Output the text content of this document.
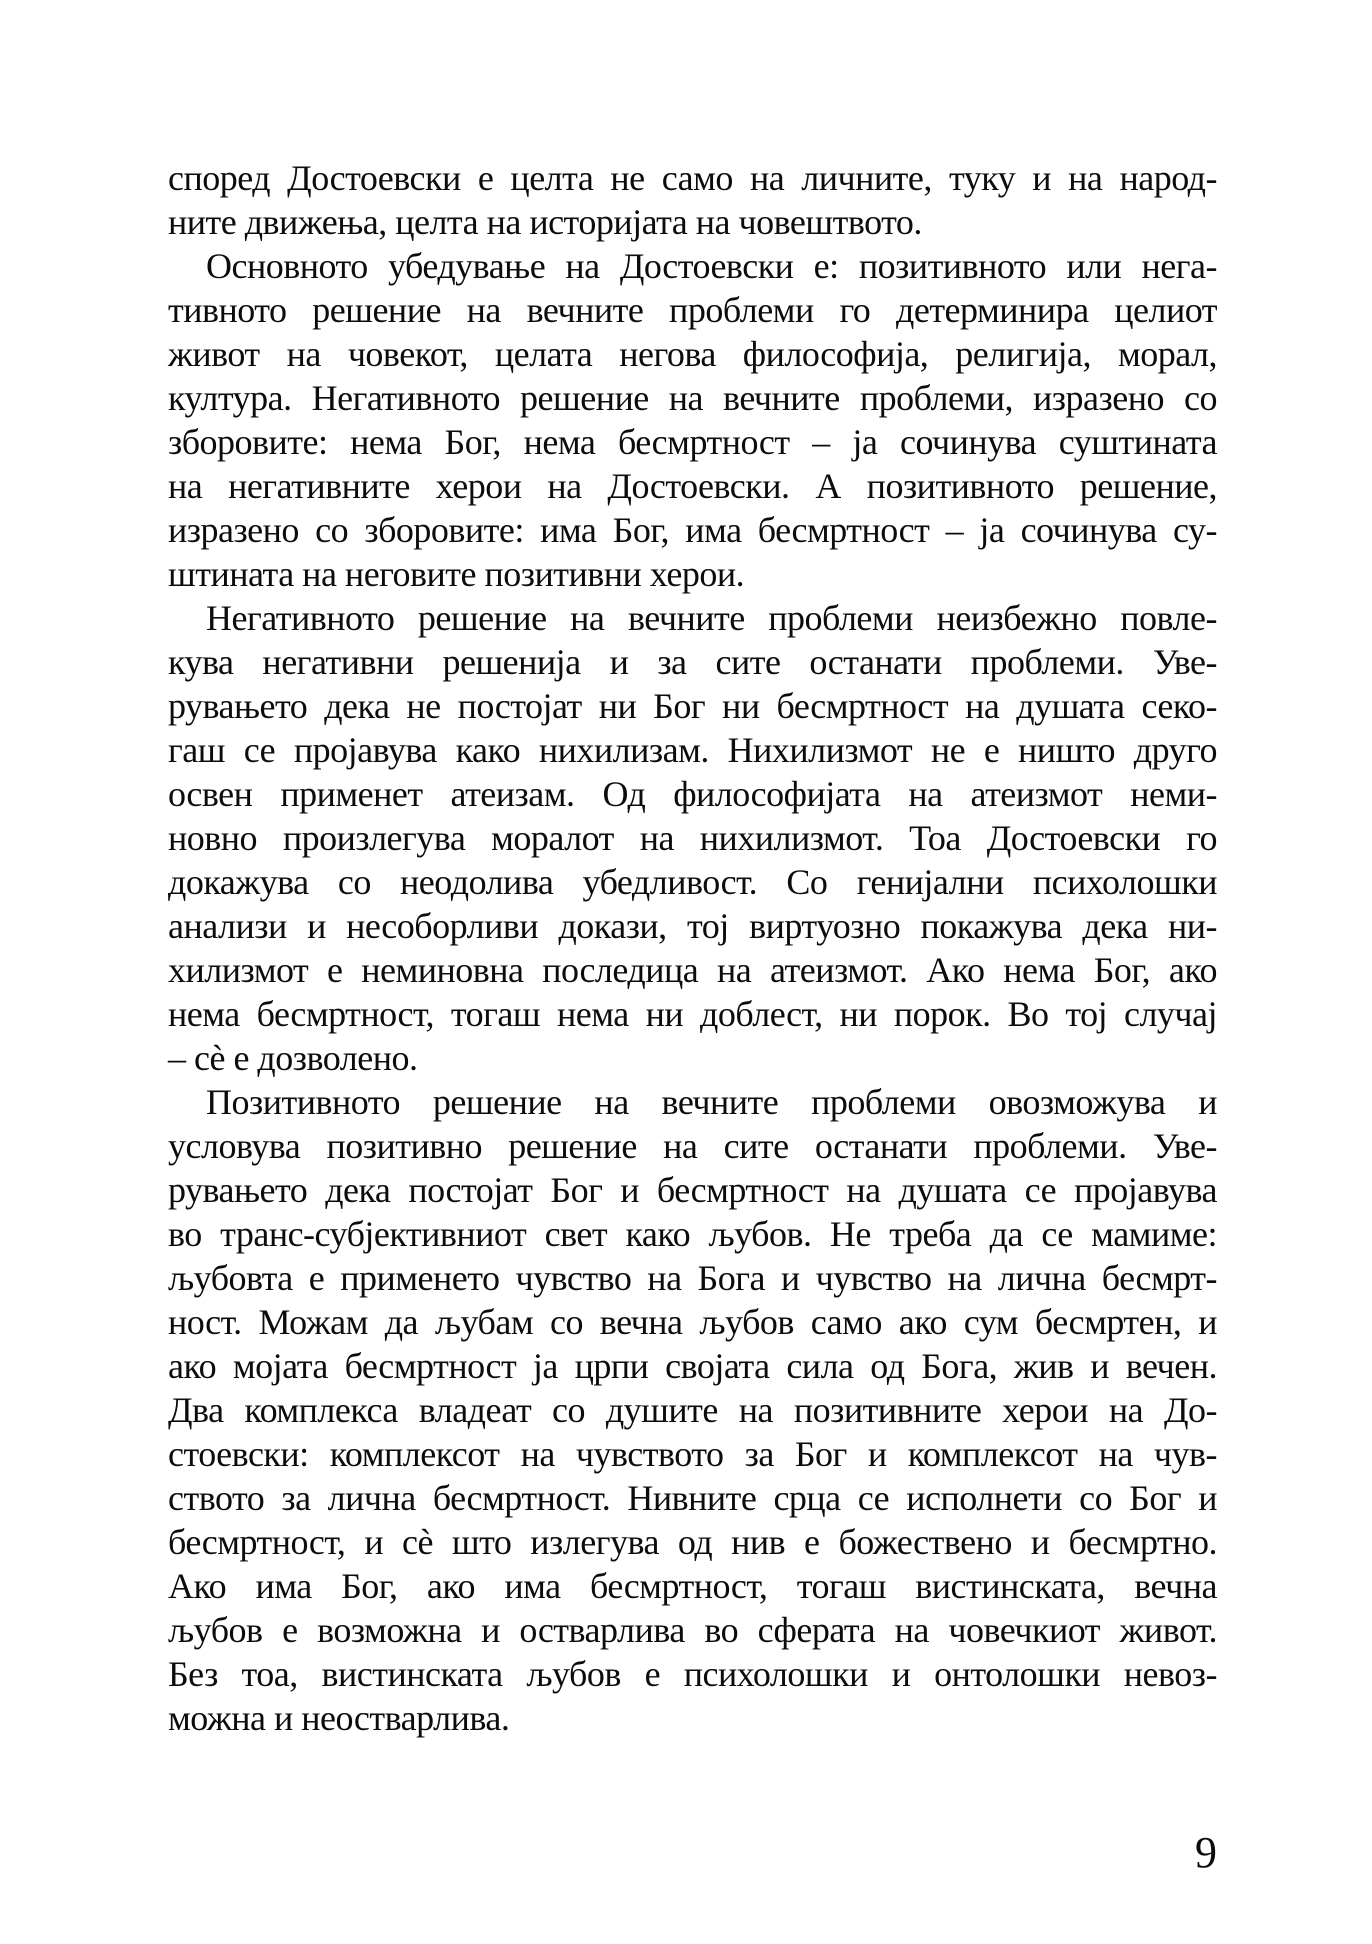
според Достоевски е целта не само на личните, туку и на народ-
ните движења, целта на историјата на човештвото.

Основното убедување на Достоевски е: позитивното или нега-
тивното решение на вечните проблеми го детерминира целиот
живот на човекот, целата негова философија, религија, морал,
култура. Негативното решение на вечните проблеми, изразено со
зборовите: нема Бог, нема бесмртност – ја сочинува суштината
на негативните херои на Достоевски. А позитивното решение,
изразено со зборовите: има Бог, има бесмртност – ја сочинува су-
штината на неговите позитивни херои.

Негативното решение на вечните проблеми неизбежно повле-
кува негативни решенија и за сите останати проблеми. Уве-
рувањето дека не постојат ни Бог ни бесмртност на душата секо-
гаш се пројавува како нихилизам. Нихилизмот не е ништо друго
освен применет атеизам. Од философијата на атеизмот неми-
новно произлегува моралот на нихилизмот. Тоа Достоевски го
докажува со неодолива убедливост. Со генијални психолошки
анализи и несоборливи докази, тој виртуозно покажува дека ни-
хилизмот е неминовна последица на атеизмот. Ако нема Бог, ако
нема бесмртност, тогаш нема ни доблест, ни порок. Во тој случај
– сè е дозволено.

Позитивното решение на вечните проблеми овозможува и
условува позитивно решение на сите останати проблеми. Уве-
рувањето дека постојат Бог и бесмртност на душата се пројавува
во транс-субјективниот свет како љубов. Не треба да се мамиме:
љубовта е применето чувство на Бога и чувство на лична бесмрт-
ност. Можам да љубам со вечна љубов само ако сум бесмртен, и
ако мојата бесмртност ја црпи својата сила од Бога, жив и вечен.
Два комплекса владеат со душите на позитивните херои на До-
стоевски: комплексот на чувството за Бог и комплексот на чув-
ството за лична бесмртност. Нивните срца се исполнети со Бог и
бесмртност, и сè што излегува од нив е божествено и бесмртно.
Ако има Бог, ако има бесмртност, тогаш вистинската, вечна
љубов е возможна и остварлива во сферата на човечкиот живот.
Без тоа, вистинската љубов е психолошки и онтолошки невоз-
можна и неостварлива.

9
